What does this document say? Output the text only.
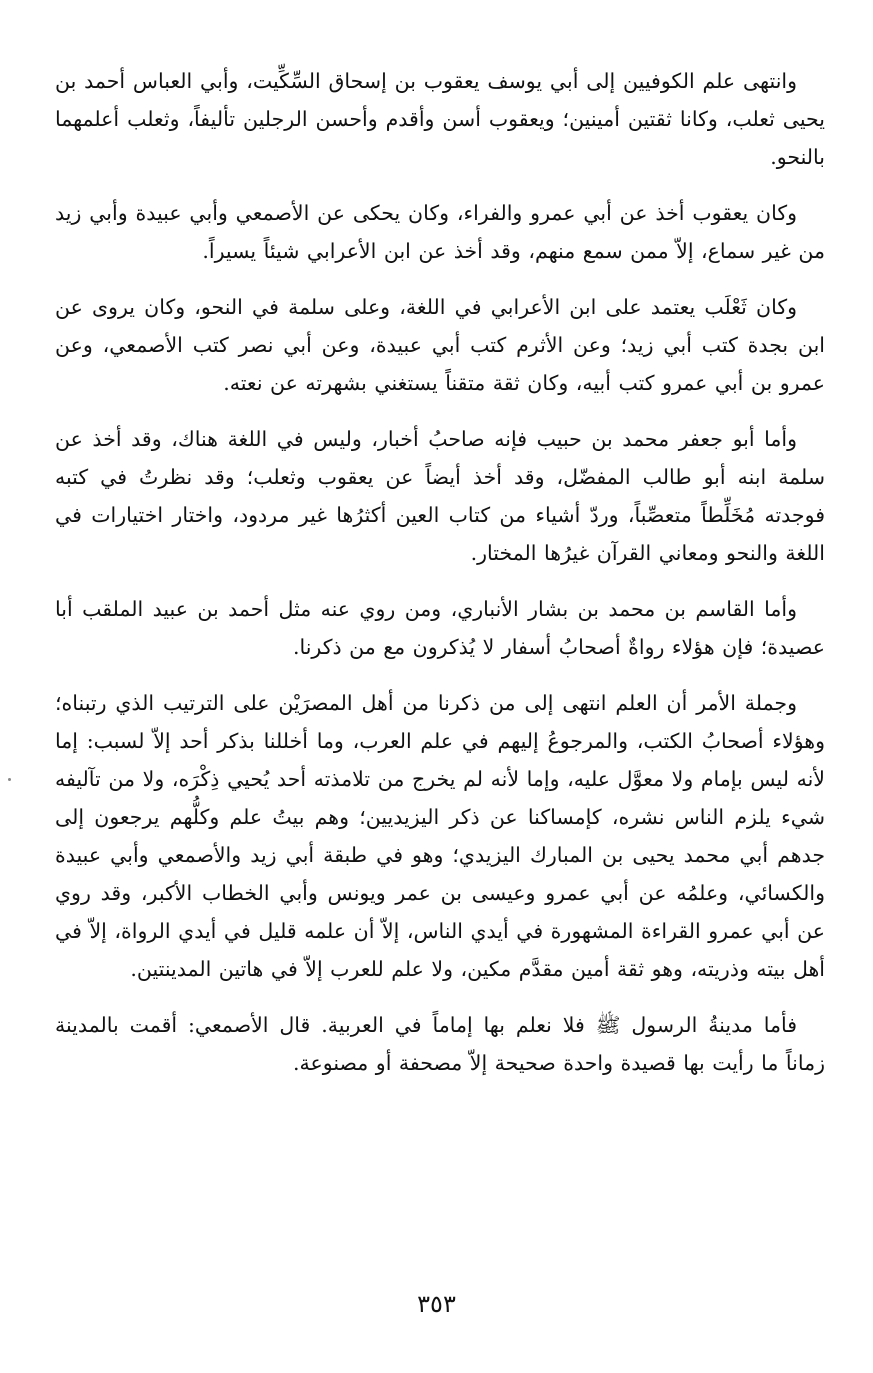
وانتهى علم الكوفيين إلى أبي يوسف يعقوب بن إسحاق السِّكِّيت، وأبي العباس أحمد بن يحيى ثعلب، وكانا ثقتين أمينين؛ ويعقوب أسن وأقدم وأحسن الرجلين تأليفاً، وثعلب أعلمهما بالنحو.

وكان يعقوب أخذ عن أبي عمرو والفراء، وكان يحكى عن الأصمعي وأبي عبيدة وأبي زيد من غير سماع، إلاّ ممن سمع منهم، وقد أخذ عن ابن الأعرابي شيئاً يسيراً.

وكان ثَعْلَب يعتمد على ابن الأعرابي في اللغة، وعلى سلمة في النحو، وكان يروى عن ابن بجدة كتب أبي زيد؛ وعن الأثرم كتب أبي عبيدة، وعن أبي نصر كتب الأصمعي، وعن عمرو بن أبي عمرو كتب أبيه، وكان ثقة متقناً يستغني بشهرته عن نعته.

وأما أبو جعفر محمد بن حبيب فإنه صاحبُ أخبار، وليس في اللغة هناك، وقد أخذ عن سلمة ابنه أبو طالب المفضّل، وقد أخذ أيضاً عن يعقوب وثعلب؛ وقد نظرتُ في كتبه فوجدته مُخَلِّطاً متعصِّباً، وردّ أشياء من كتاب العين أكثرُها غير مردود، واختار اختيارات في اللغة والنحو ومعاني القرآن غيرُها المختار.

وأما القاسم بن محمد بن بشار الأنباري، ومن روي عنه مثل أحمد بن عبيد الملقب أبا عصيدة؛ فإن هؤلاء رواةٌ أصحابُ أسفار لا يُذكرون مع من ذكرنا.

وجملة الأمر أن العلم انتهى إلى من ذكرنا من أهل المصرَيْن على الترتيب الذي رتبناه؛ وهؤلاء أصحابُ الكتب، والمرجوعُ إليهم في علم العرب، وما أخللنا بذكر أحد إلاّ لسبب: إما لأنه ليس بإمام ولا معوَّل عليه، وإما لأنه لم يخرج من تلامذته أحد يُحيي ذِكْرَه، ولا من تآليفه شيء يلزم الناس نشره، كإمساكنا عن ذكر اليزيديين؛ وهم بيتُ علم وكلُّهم يرجعون إلى جدهم أبي محمد يحيى بن المبارك اليزيدي؛ وهو في طبقة أبي زيد والأصمعي وأبي عبيدة والكسائي، وعلمُه عن أبي عمرو وعيسى بن عمر ويونس وأبي الخطاب الأكبر، وقد روي عن أبي عمرو القراءة المشهورة في أيدي الناس، إلاّ أن علمه قليل في أيدي الرواة، إلاّ في أهل بيته وذريته، وهو ثقة أمين مقدَّم مكين، ولا علم للعرب إلاّ في هاتين المدينتين.

فأما مدينةُ الرسول ﷺ فلا نعلم بها إماماً في العربية. قال الأصمعي: أقمت بالمدينة زماناً ما رأيت بها قصيدة واحدة صحيحة إلاّ مصحفة أو مصنوعة.

٣٥٣
